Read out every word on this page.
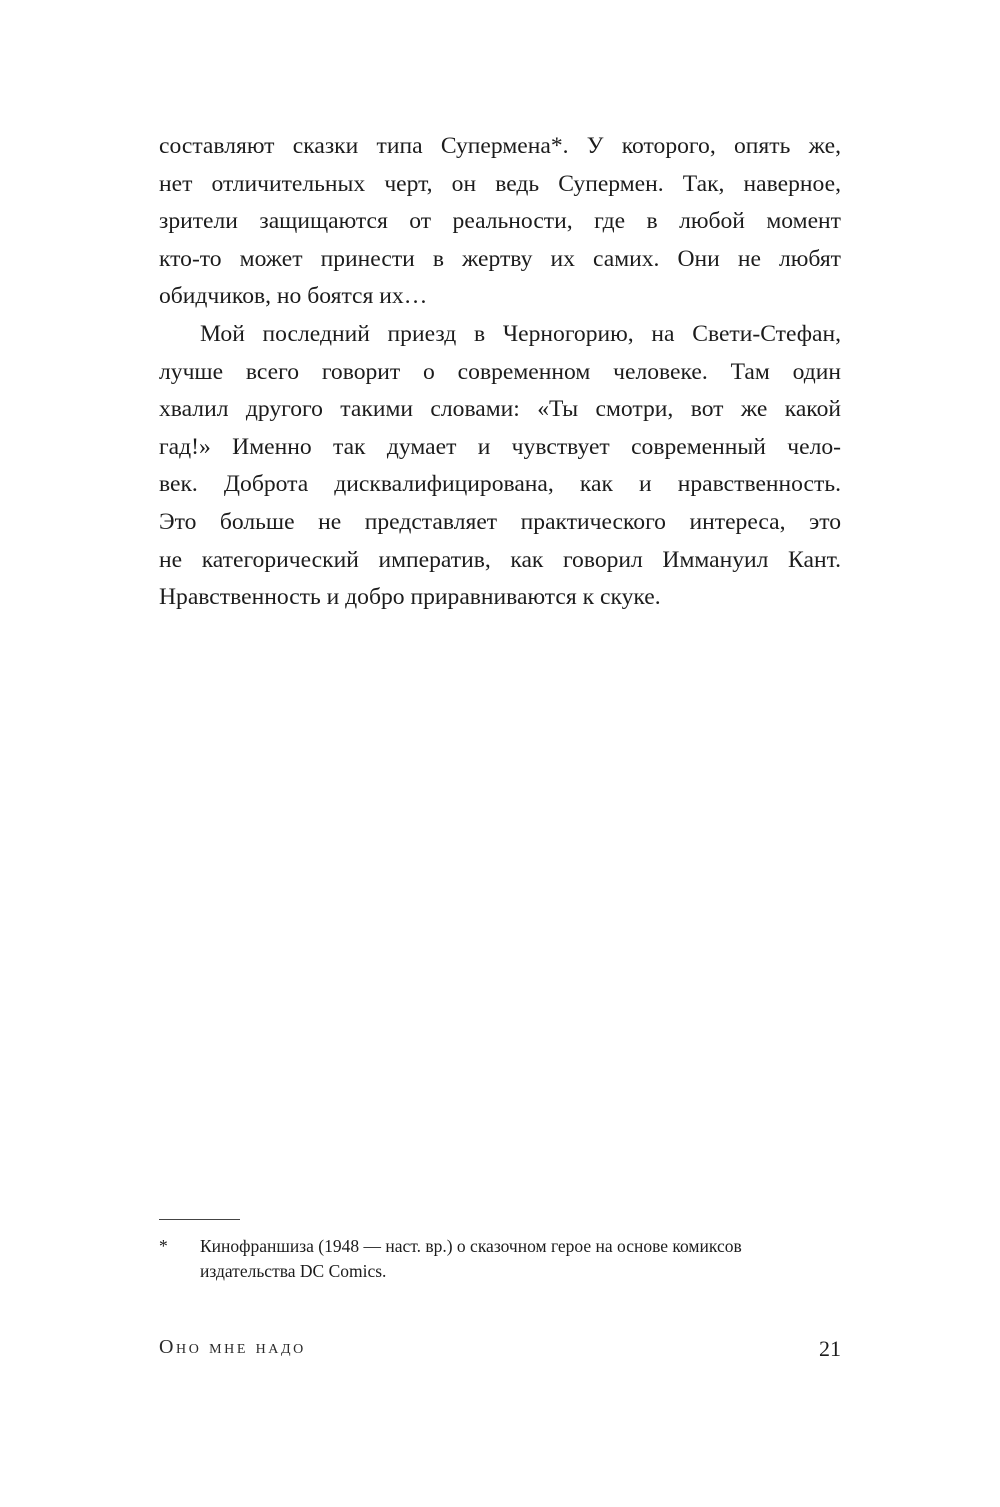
составляют сказки типа Супермена*. У которого, опять же,
нет отличительных черт, он ведь Супермен. Так, наверное,
зрители защищаются от реальности, где в любой момент
кто-то может принести в жертву их самих. Они не любят
обидчиков, но боятся их…
Мой последний приезд в Черногорию, на Свети-Стефан,
лучше всего говорит о современном человеке. Там один
хвалил другого такими словами: «Ты смотри, вот же какой
гад!» Именно так думает и чувствует современный чело-
век. Доброта дисквалифицирована, как и нравственность.
Это больше не представляет практического интереса, это
не категорический императив, как говорил Иммануил Кант.
Нравственность и добро приравниваются к скуке.
* Кинофраншиза (1948 — наст. вр.) о сказочном герое на основе комиксов
издательства DC Comics.
Оно мне надо	21
